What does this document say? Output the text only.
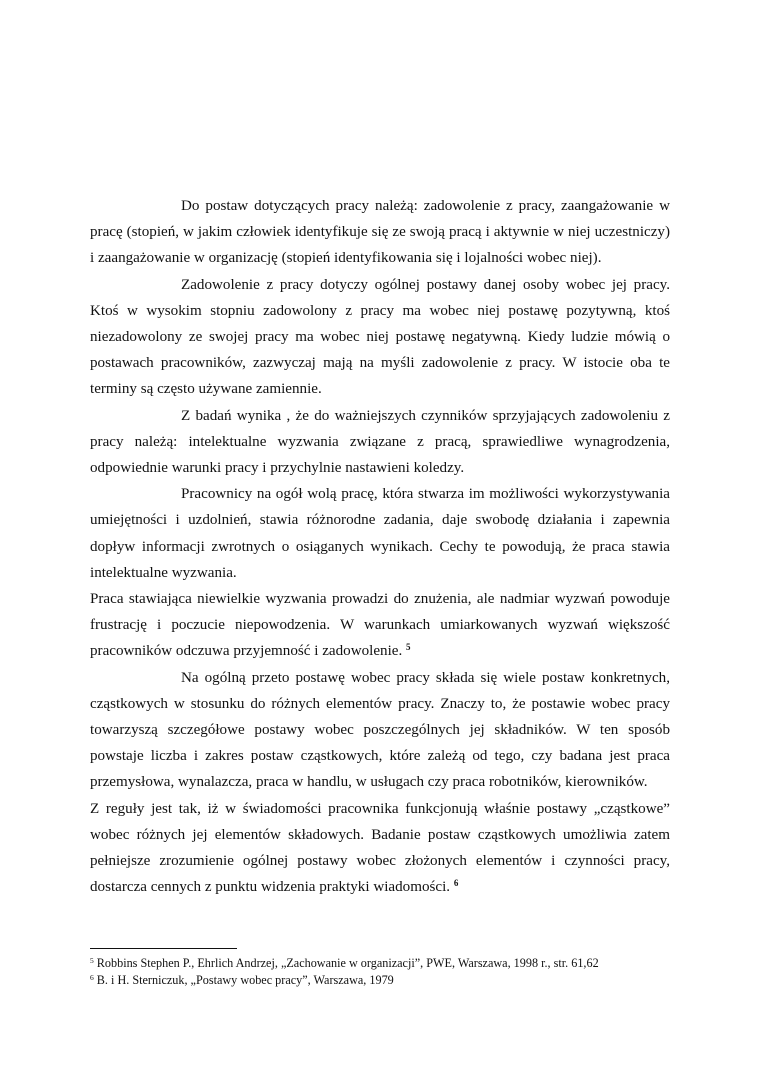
Do postaw dotyczących pracy należą: zadowolenie z pracy, zaangażowanie w pracę (stopień, w jakim człowiek identyfikuje się ze swoją pracą i aktywnie w niej uczestniczy) i zaangażowanie w organizację (stopień identyfikowania się i lojalności wobec niej).

Zadowolenie z pracy dotyczy ogólnej postawy danej osoby wobec jej pracy. Ktoś w wysokim stopniu zadowolony z pracy ma wobec niej postawę pozytywną, ktoś niezadowolony ze swojej pracy ma wobec niej postawę negatywną. Kiedy ludzie mówią o postawach pracowników, zazwyczaj mają na myśli zadowolenie z pracy. W istocie oba te terminy są często używane zamiennie.

Z badań wynika , że do ważniejszych czynników sprzyjających zadowoleniu z pracy należą: intelektualne wyzwania związane z pracą, sprawiedliwe wynagrodzenia, odpowiednie warunki pracy i przychylnie nastawieni koledzy.

Pracownicy na ogół wolą pracę, która stwarza im możliwości wykorzystywania umiejętności i uzdolnień, stawia różnorodne zadania, daje swobodę działania i zapewnia dopływ informacji zwrotnych o osiąganych wynikach. Cechy te powodują, że praca stawia intelektualne wyzwania.

Praca stawiająca niewielkie wyzwania prowadzi do znużenia, ale nadmiar wyzwań powoduje frustrację i poczucie niepowodzenia. W warunkach umiarkowanych wyzwań większość pracowników odczuwa przyjemność i zadowolenie. $^5$

Na ogólną przeto postawę wobec pracy składa się wiele postaw konkretnych, cząstkowych w stosunku do różnych elementów pracy. Znaczy to, że postawie wobec pracy towarzyszą szczegółowe postawy wobec poszczególnych jej składników. W ten sposób powstaje liczba i zakres postaw cząstkowych, które zależą od tego, czy badana jest praca przemysłowa, wynalazcza, praca w handlu, w usługach czy praca robotników, kierowników.

Z reguły jest tak, iż w świadomości pracownika funkcjonują właśnie postawy „cząstkowe” wobec różnych jej elementów składowych. Badanie postaw cząstkowych umożliwia zatem pełniejsze zrozumienie ogólnej postawy wobec złożonych elementów i czynności pracy, dostarcza cennych z punktu widzenia praktyki wiadomości. $^6$

$^5$ Robbins Stephen P., Ehrlich Andrzej, „Zachowanie w organizacji”, PWE, Warszawa, 1998 r., str. 61,62

$^6$ B. i H. Sterniczuk, „Postawy wobec pracy”, Warszawa, 1979
